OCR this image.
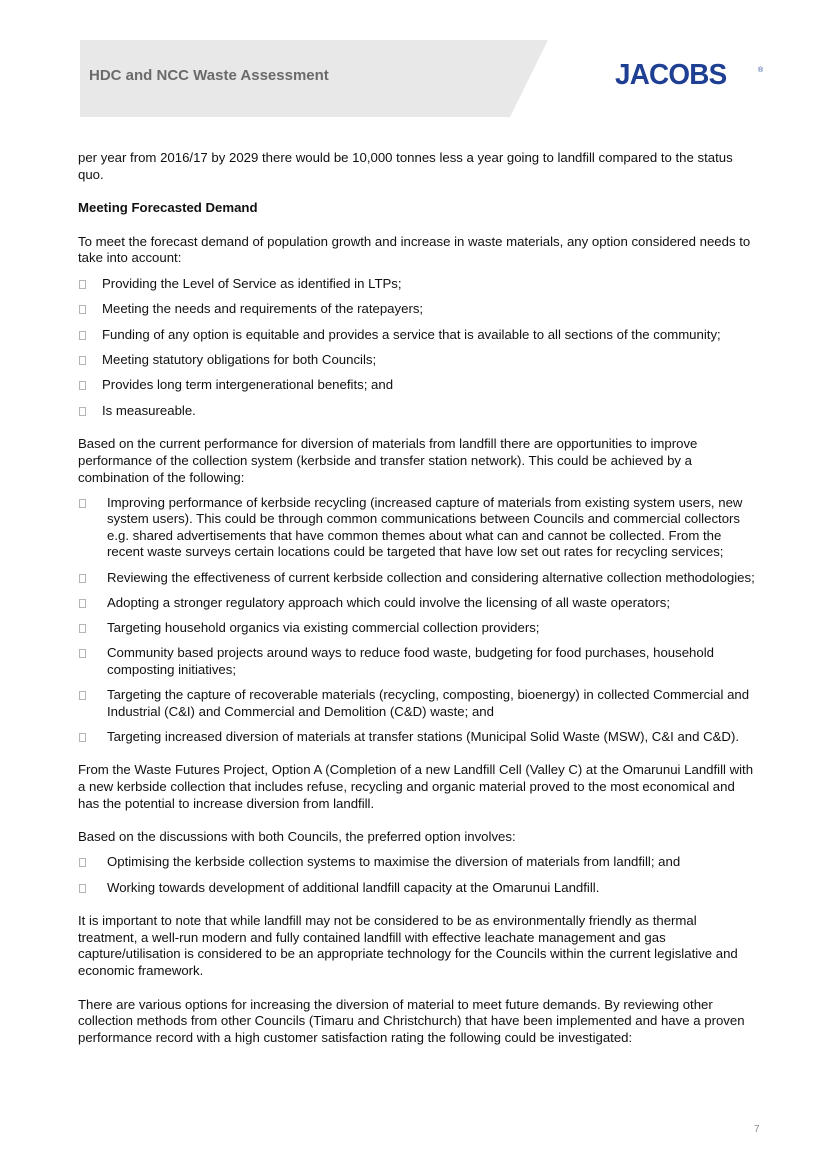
HDC and NCC Waste Assessment	JACOBS	®

per year from 2016/17 by 2029 there would be 10,000 tonnes less a year going to landfill compared to the status quo.

Meeting Forecasted Demand

To meet the forecast demand of population growth and increase in waste materials, any option considered needs to take into account:

Providing the Level of Service as identified in LTPs;
Meeting the needs and requirements of the ratepayers;
Funding of any option is equitable and provides a service that is available to all sections of the community;
Meeting statutory obligations for both Councils;
Provides long term intergenerational benefits; and
Is measureable.

Based on the current performance for diversion of materials from landfill there are opportunities to improve performance of the collection system (kerbside and transfer station network). This could be achieved by a combination of the following:

Improving performance of kerbside recycling (increased capture of materials from existing system users, new system users). This could be through common communications between Councils and commercial collectors e.g. shared advertisements that have common themes about what can and cannot be collected. From the recent waste surveys certain locations could be targeted that have low set out rates for recycling services;
Reviewing the effectiveness of current kerbside collection and considering alternative collection methodologies;
Adopting a stronger regulatory approach which could involve the licensing of all waste operators;
Targeting household organics via existing commercial collection providers;
Community based projects around ways to reduce food waste, budgeting for food purchases, household composting initiatives;
Targeting the capture of recoverable materials (recycling, composting, bioenergy) in collected Commercial and Industrial (C&I) and Commercial and Demolition (C&D) waste; and
Targeting increased diversion of materials at transfer stations (Municipal Solid Waste (MSW), C&I and C&D).

From the Waste Futures Project, Option A (Completion of a new Landfill Cell (Valley C) at the Omarunui Landfill with a new kerbside collection that includes refuse, recycling and organic material proved to the most economical and has the potential to increase diversion from landfill.

Based on the discussions with both Councils, the preferred option involves:

Optimising the kerbside collection systems to maximise the diversion of materials from landfill; and
Working towards development of additional landfill capacity at the Omarunui Landfill.

It is important to note that while landfill may not be considered to be as environmentally friendly as thermal treatment, a well-run modern and fully contained landfill with effective leachate management and gas capture/utilisation is considered to be an appropriate technology for the Councils within the current legislative and economic framework.

There are various options for increasing the diversion of material to meet future demands. By reviewing other collection methods from other Councils (Timaru and Christchurch) that have been implemented and have a proven performance record with a high customer satisfaction rating the following could be investigated:

7
